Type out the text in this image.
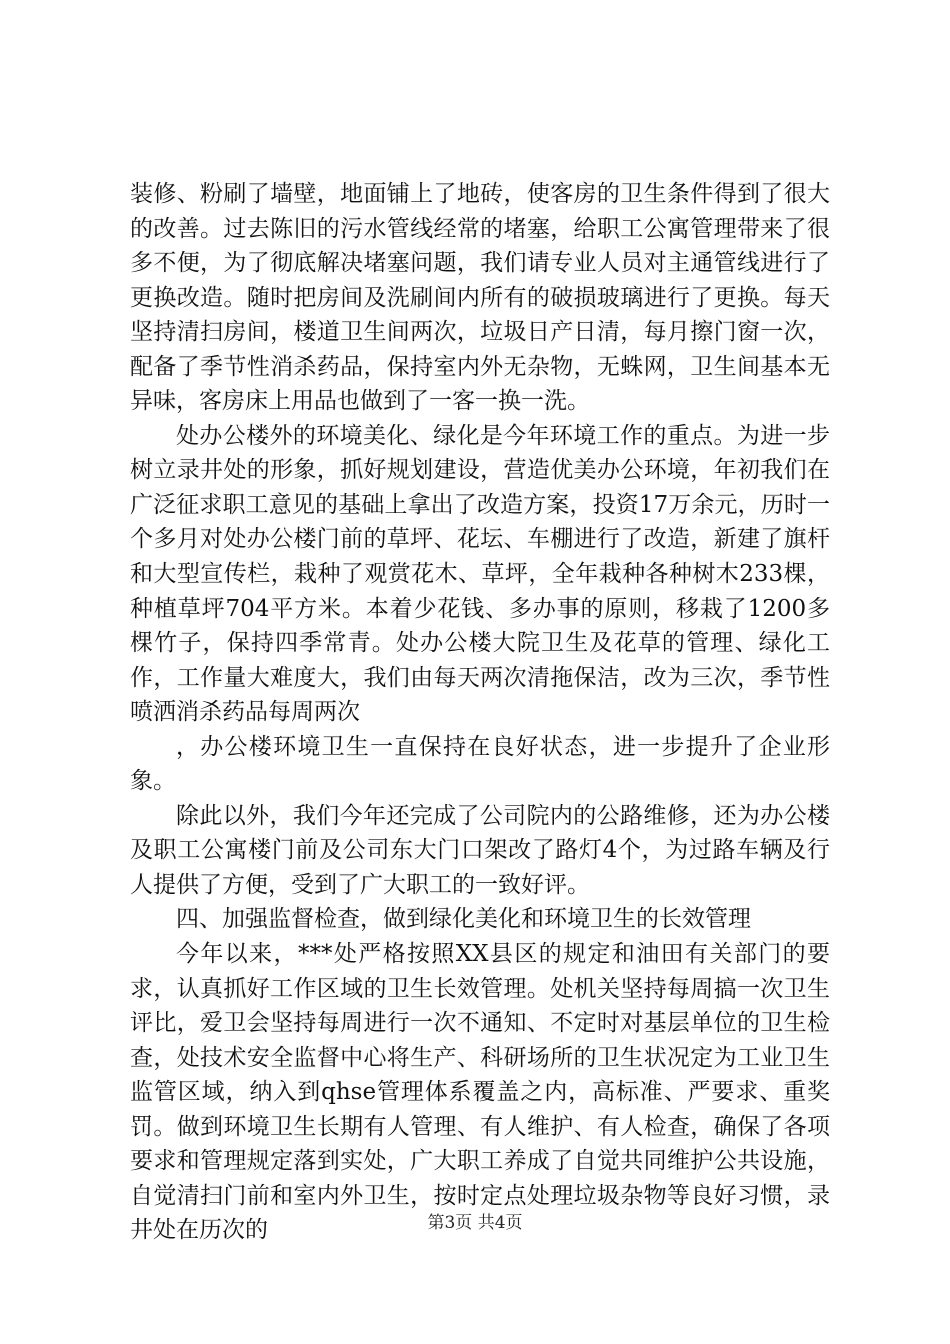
装修、粉刷了墙壁，地面铺上了地砖，使客房的卫生条件得到了很大的改善。过去陈旧的污水管线经常的堵塞，给职工公寓管理带来了很多不便，为了彻底解决堵塞问题，我们请专业人员对主通管线进行了更换改造。随时把房间及洗刷间内所有的破损玻璃进行了更换。每天坚持清扫房间，楼道卫生间两次，垃圾日产日清，每月擦门窗一次，配备了季节性消杀药品，保持室内外无杂物，无蛛网，卫生间基本无异味，客房床上用品也做到了一客一换一洗。

处办公楼外的环境美化、绿化是今年环境工作的重点。为进一步树立录井处的形象，抓好规划建设，营造优美办公环境，年初我们在广泛征求职工意见的基础上拿出了改造方案，投资17万余元，历时一个多月对处办公楼门前的草坪、花坛、车棚进行了改造，新建了旗杆和大型宣传栏，栽种了观赏花木、草坪，全年栽种各种树木233棵，种植草坪704平方米。本着少花钱、多办事的原则，移栽了1200多棵竹子，保持四季常青。处办公楼大院卫生及花草的管理、绿化工作，工作量大难度大，我们由每天两次清拖保洁，改为三次，季节性喷洒消杀药品每周两次

，办公楼环境卫生一直保持在良好状态，进一步提升了企业形象。

除此以外，我们今年还完成了公司院内的公路维修，还为办公楼及职工公寓楼门前及公司东大门口架改了路灯4个，为过路车辆及行人提供了方便，受到了广大职工的一致好评。

四、加强监督检查，做到绿化美化和环境卫生的长效管理

今年以来，***处严格按照XX县区的规定和油田有关部门的要求，认真抓好工作区域的卫生长效管理。处机关坚持每周搞一次卫生评比，爱卫会坚持每周进行一次不通知、不定时对基层单位的卫生检查，处技术安全监督中心将生产、科研场所的卫生状况定为工业卫生监管区域，纳入到qhse管理体系覆盖之内，高标准、严要求、重奖罚。做到环境卫生长期有人管理、有人维护、有人检查，确保了各项要求和管理规定落到实处，广大职工养成了自觉共同维护公共设施，自觉清扫门前和室内外卫生，按时定点处理垃圾杂物等良好习惯，录井处在历次的	第3页 共4页
